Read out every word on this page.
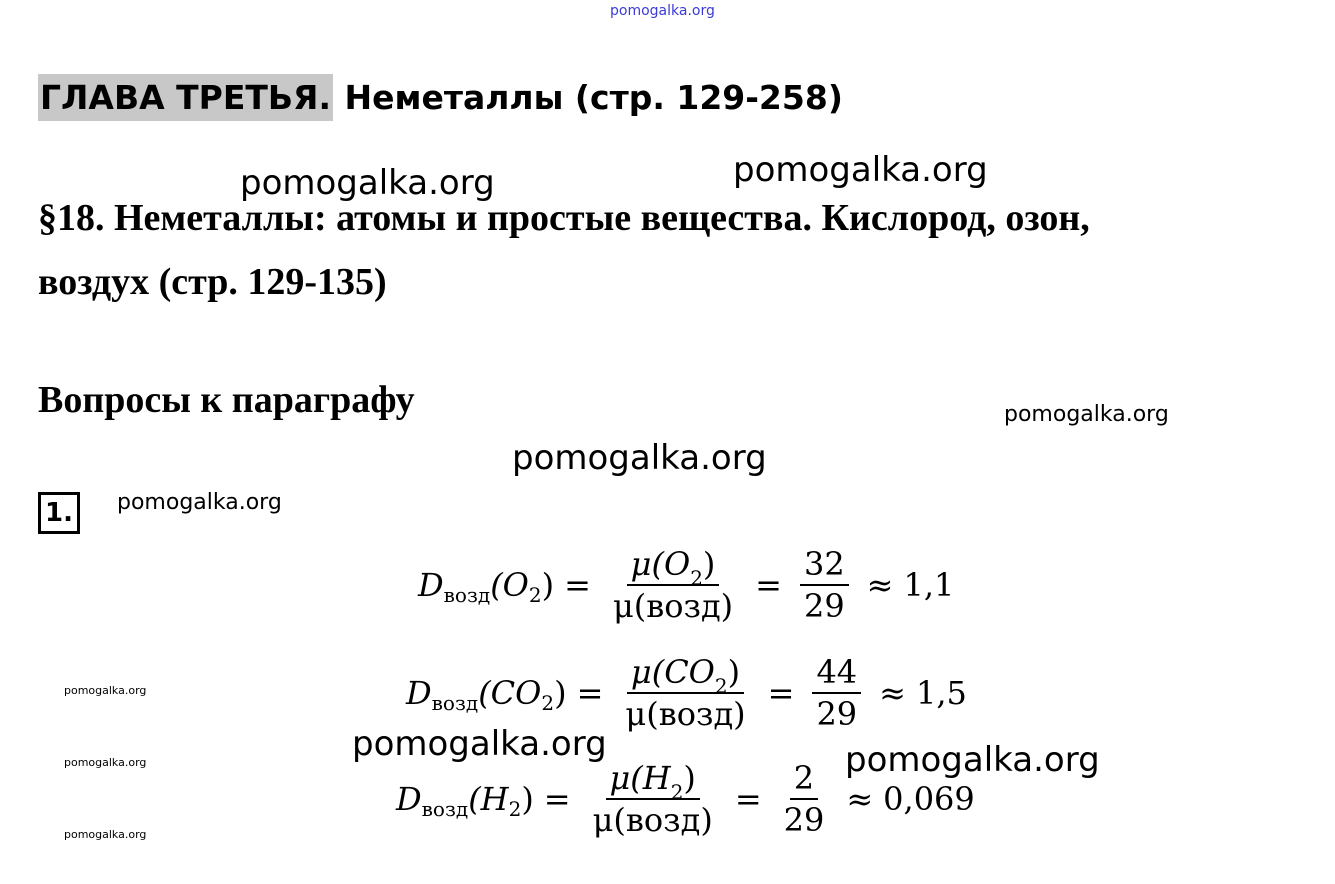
pomogalka.org
ГЛАВА ТРЕТЬЯ. Неметаллы (стр. 129-258)
pomogalka.org	pomogalka.org
§18. Неметаллы: атомы и простые вещества. Кислород, озон,
воздух (стр. 129-135)
Вопросы к параграфу	pomogalka.org
pomogalka.org
1. pomogalka.org
pomogalka.org
pomogalka.org
pomogalka.org
D возд (O 2 ) = $\frac{\mu(O_2)}{\text{μ(возд)}} = \frac{32}{29} \approx 1,1$
D возд (CO 2 ) = $\frac{\mu(CO_2)}{\text{μ(возд)}} = \frac{44}{29} \approx 1,5$
pomogalka.org	pomogalka.org
D возд (H 2 ) = $\frac{\mu(H_2)}{\text{μ(возд)}} = \frac{2}{29} \approx 0,069$
